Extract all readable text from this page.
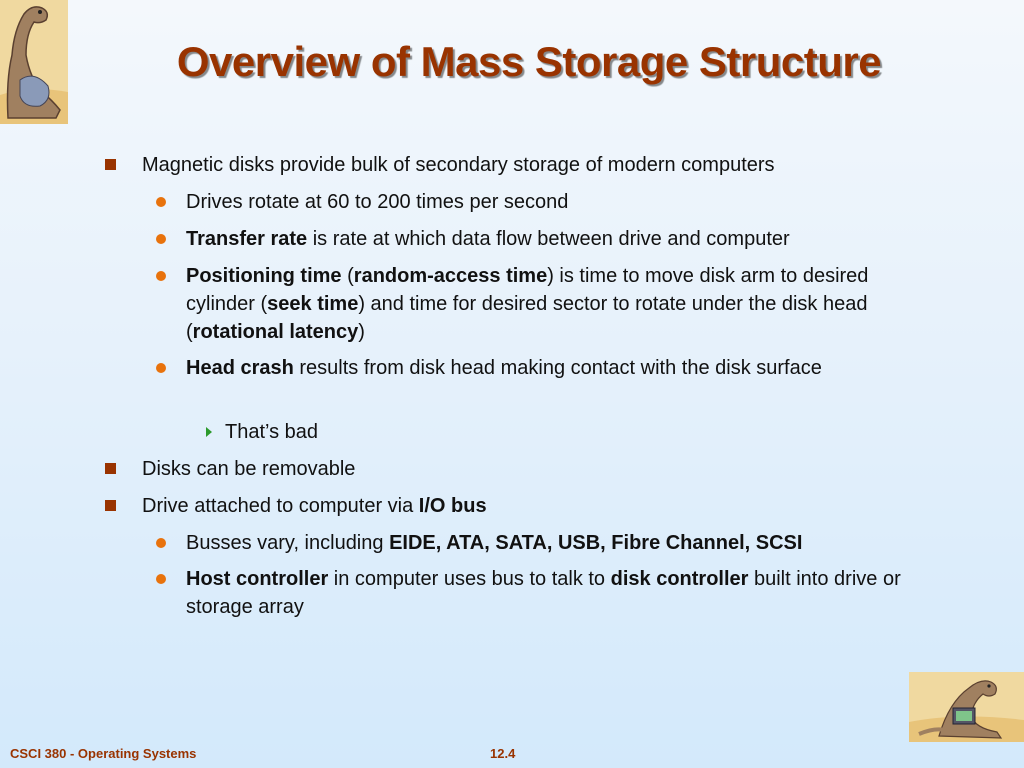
Overview of Mass Storage Structure
Magnetic disks provide bulk of secondary storage of modern computers
Drives rotate at 60 to 200 times per second
Transfer rate is rate at which data flow between drive and computer
Positioning time (random-access time) is time to move disk arm to desired cylinder (seek time) and time for desired sector to rotate under the disk head (rotational latency)
Head crash results from disk head making contact with the disk surface
That’s bad
Disks can be removable
Drive attached to computer via I/O bus
Busses vary, including EIDE, ATA, SATA, USB, Fibre Channel, SCSI
Host controller in computer uses bus to talk to disk controller built into drive or storage array
CSCI 380 - Operating Systems	12.4
